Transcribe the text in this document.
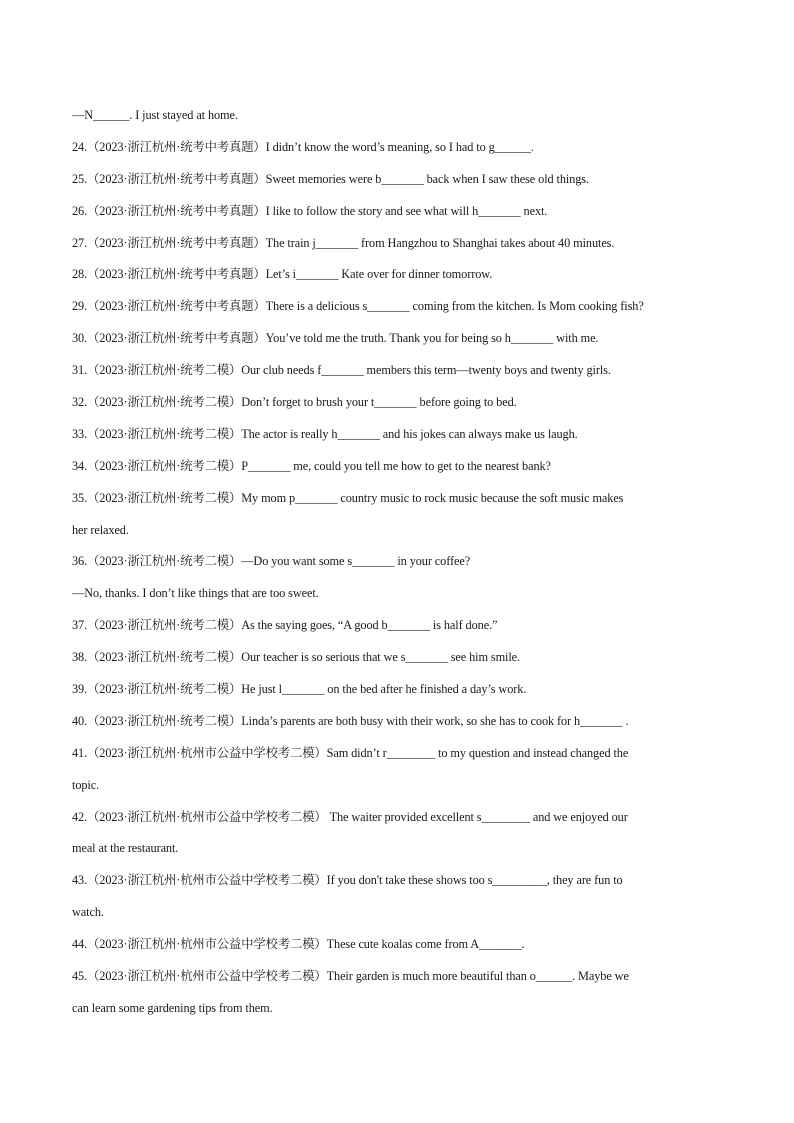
—N______. I just stayed at home.
24.（2023·浙江杭州·统考中考真题）I didn’t know the word’s meaning, so I had to g______.
25.（2023·浙江杭州·统考中考真题）Sweet memories were b_______ back when I saw these old things.
26.（2023·浙江杭州·统考中考真题）I like to follow the story and see what will h_______ next.
27.（2023·浙江杭州·统考中考真题）The train j_______ from Hangzhou to Shanghai takes about 40 minutes.
28.（2023·浙江杭州·统考中考真题）Let’s i_______ Kate over for dinner tomorrow.
29.（2023·浙江杭州·统考中考真题）There is a delicious s_______ coming from the kitchen. Is Mom cooking fish?
30.（2023·浙江杭州·统考中考真题）You’ve told me the truth. Thank you for being so h_______ with me.
31.（2023·浙江杭州·统考二模）Our club needs f_______ members this term—twenty boys and twenty girls.
32.（2023·浙江杭州·统考二模）Don’t forget to brush your t_______ before going to bed.
33.（2023·浙江杭州·统考二模）The actor is really h_______ and his jokes can always make us laugh.
34.（2023·浙江杭州·统考二模）P_______ me, could you tell me how to get to the nearest bank?
35.（2023·浙江杭州·统考二模）My mom p_______ country music to rock music because the soft music makes
her relaxed.
36.（2023·浙江杭州·统考二模）—Do you want some s_______ in your coffee?
—No, thanks. I don’t like things that are too sweet.
37.（2023·浙江杭州·统考二模）As the saying goes, “A good b_______ is half done.”
38.（2023·浙江杭州·统考二模）Our teacher is so serious that we s_______ see him smile.
39.（2023·浙江杭州·统考二模）He just l_______ on the bed after he finished a day’s work.
40.（2023·浙江杭州·统考二模）Linda’s parents are both busy with their work, so she has to cook for h_______ .
41.（2023·浙江杭州·杭州市公益中学校考二模）Sam didn’t r________ to my question and instead changed the
topic.
42.（2023·浙江杭州·杭州市公益中学校考二模） The waiter provided excellent s________ and we enjoyed our
meal at the restaurant.
43.（2023·浙江杭州·杭州市公益中学校考二模）If you don't take these shows too s_________, they are fun to
watch.
44.（2023·浙江杭州·杭州市公益中学校考二模）These cute koalas come from A_______.
45.（2023·浙江杭州·杭州市公益中学校考二模）Their garden is much more beautiful than o______. Maybe we
can learn some gardening tips from them.
